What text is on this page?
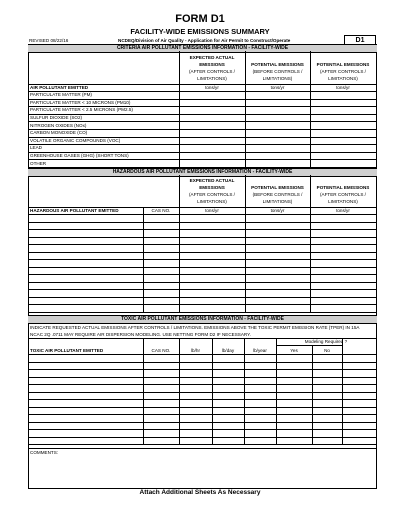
FORM D1
FACILITY-WIDE EMISSIONS SUMMARY
REVISED 08/22/16	NCDEQ/Division of Air Quality - Application for Air Permit to Construct/Operate	D1
CRITERIA AIR POLLUTANT EMISSIONS INFORMATION - FACILITY-WIDE
EXPECTED ACTUAL
EMISSIONS
(AFTER CONTROLS /
LIMITATIONS)
POTENTIAL EMISSIONS
(BEFORE CONTROLS /
LIMITATIONS)
POTENTIAL EMISSIONS
(AFTER CONTROLS /
LIMITATIONS)
AIR POLLUTANT EMITTED	tons/yr	tons/yr	tons/yr
PARTICULATE MATTER (PM)
PARTICULATE MATTER < 10 MICRONS (PM10)
PARTICULATE MATTER < 2.5 MICRONS (PM2.5)
SULFUR DIOXIDE (SO2)
NITROGEN OXIDES (NOx)
CARBON MONOXIDE (CO)
VOLATILE ORGANIC COMPOUNDS (VOC)
LEAD
GREENHOUSE GASES (GHG) (SHORT TONS)
OTHER
HAZARDOUS AIR POLLUTANT EMISSIONS INFORMATION - FACILITY-WIDE
EXPECTED ACTUAL
EMISSIONS
(AFTER CONTROLS /
LIMITATIONS)
POTENTIAL EMISSIONS
(BEFORE CONTROLS /
LIMITATIONS)
POTENTIAL EMISSIONS
(AFTER CONTROLS /
LIMITATIONS)
HAZARDOUS AIR POLLUTANT EMITTED	CAS NO.	tons/yr	tons/yr	tons/yr
TOXIC AIR POLLUTANT EMISSIONS INFORMATION - FACILITY-WIDE
INDICATE REQUESTED ACTUAL EMISSIONS AFTER CONTROLS / LIMITATIONS. EMISSIONS ABOVE THE TOXIC PERMIT EMISSION RATE (TPER) IN 15A
NCAC 2Q .0711 MAY REQUIRE AIR DISPERSION MODELING. USE NETTING FORM D2 IF NECESSARY.
Modeling Required ?
TOXIC AIR POLLUTANT EMITTED	CAS NO.	lb/hr	lb/day	lb/year	Yes	No
COMMENTS:
Attach Additional Sheets As Necessary
